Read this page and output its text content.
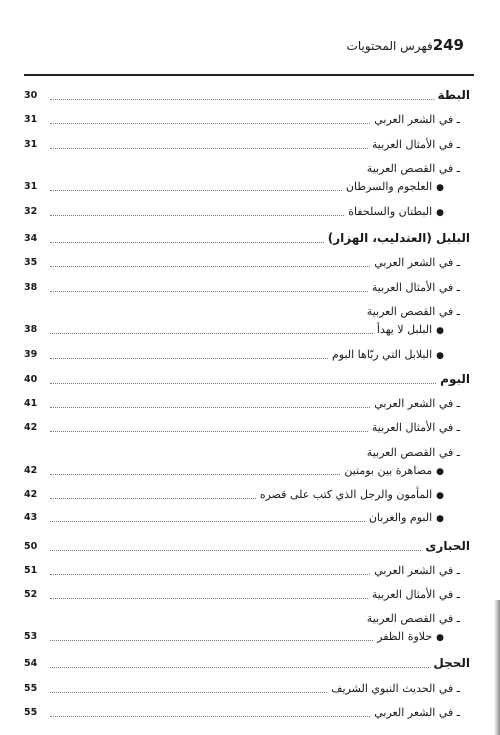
249
فهرس المحتويات
البطة
30
ـ في الشعر العربي
31
ـ في الأمثال العربية
31
ـ في القصص العربية
●العلجوم والسرطان
31
●البطتان والسلحفاة
32
البلبل (العندليب، الهزار)
34
ـ في الشعر العربي
35
ـ في الأمثال العربية
38
ـ في القصص العربية
●البلبل لا يهدأ
38
●البلابل التي ربّاها البوم
39
البوم
40
ـ في الشعر العربي
41
ـ في الأمثال العربية
42
ـ في القصص العربية
●مصاهرة بين بومتين
42
●المأمون والرجل الذي كتب على قصره
42
●البوم والغربان
43
الحبارى
50
ـ في الشعر العربي
51
ـ في الأمثال العربية
52
ـ في القصص العربية
●حلاوة الظفر
53
الحجل
54
ـ في الحديث النبوي الشريف
55
ـ في الشعر العربي
55
